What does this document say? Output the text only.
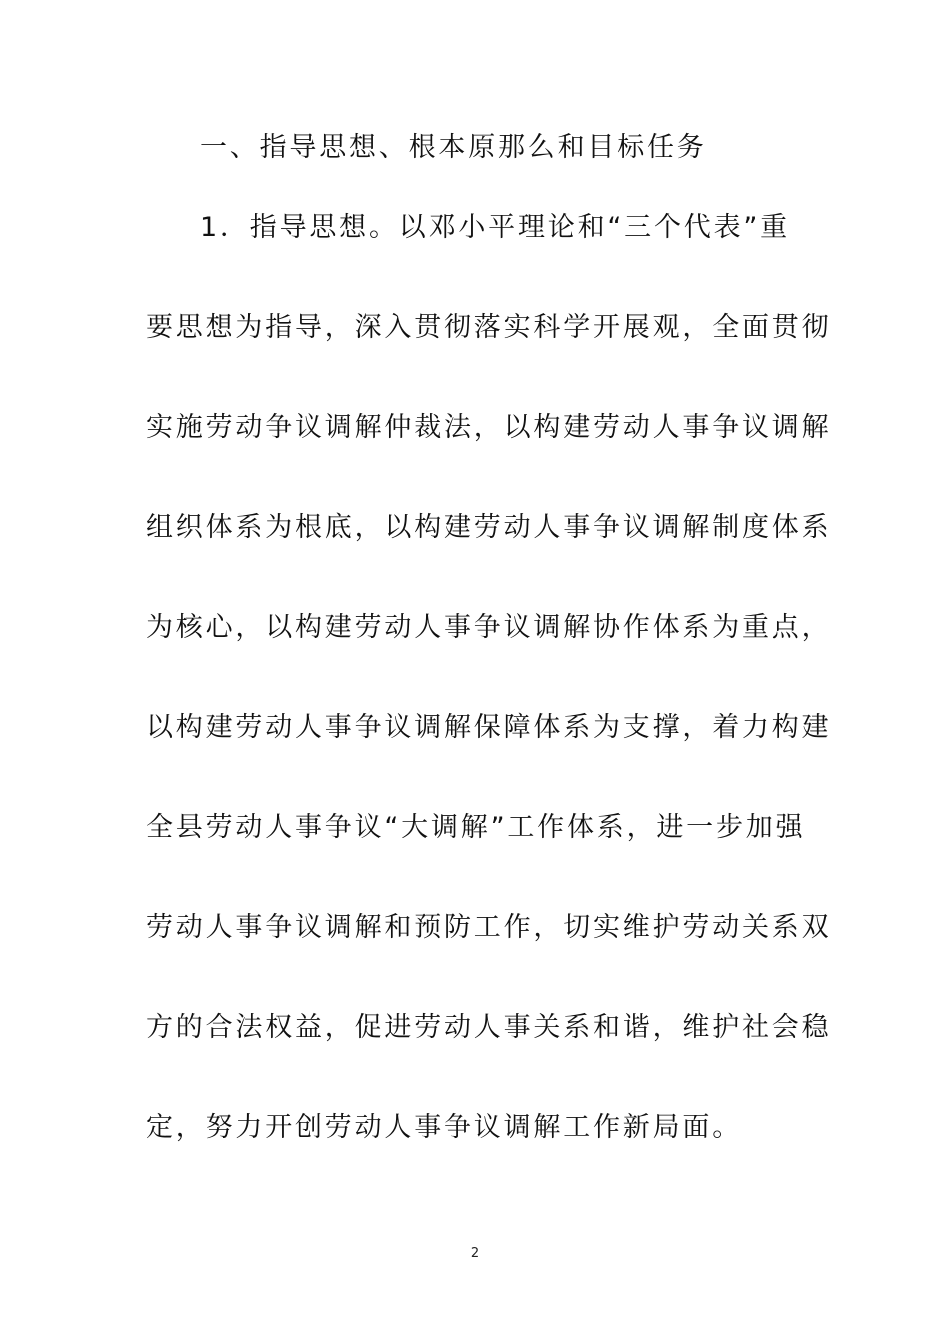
一、指导思想、根本原那么和目标任务
1．指导思想。以邓小平理论和“三个代表”重
要思想为指导，深入贯彻落实科学开展观，全面贯彻
实施劳动争议调解仲裁法，以构建劳动人事争议调解
组织体系为根底，以构建劳动人事争议调解制度体系
为核心，以构建劳动人事争议调解协作体系为重点，
以构建劳动人事争议调解保障体系为支撑，着力构建
全县劳动人事争议“大调解”工作体系，进一步加强
劳动人事争议调解和预防工作，切实维护劳动关系双
方的合法权益，促进劳动人事关系和谐，维护社会稳
定，努力开创劳动人事争议调解工作新局面。
2
